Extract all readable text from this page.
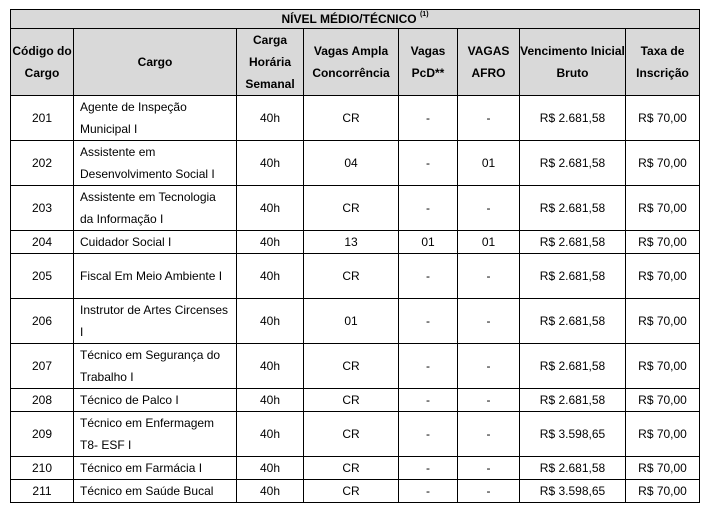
NÍVEL MÉDIO/TÉCNICO $^{(1)}$
Código do Cargo	Cargo	Carga Horária Semanal	Vagas Ampla Concorrência	Vagas PcD**	VAGAS AFRO	Vencimento Inicial Bruto	Taxa de Inscrição
201	Agente de Inspeção Municipal I	40h	CR	-	-	R$ 2.681,58	R$ 70,00
202	Assistente em Desenvolvimento Social I	40h	04	-	01	R$ 2.681,58	R$ 70,00
203	Assistente em Tecnologia da Informação I	40h	CR	-	-	R$ 2.681,58	R$ 70,00
204	Cuidador Social I	40h	13	01	01	R$ 2.681,58	R$ 70,00
205	Fiscal Em Meio Ambiente I	40h	CR	-	-	R$ 2.681,58	R$ 70,00
206	Instrutor de Artes Circenses I	40h	01	-	-	R$ 2.681,58	R$ 70,00
207	Técnico em Segurança do Trabalho I	40h	CR	-	-	R$ 2.681,58	R$ 70,00
208	Técnico de Palco I	40h	CR	-	-	R$ 2.681,58	R$ 70,00
209	Técnico em Enfermagem T8- ESF I	40h	CR	-	-	R$ 3.598,65	R$ 70,00
210	Técnico em Farmácia I	40h	CR	-	-	R$ 2.681,58	R$ 70,00
211	Técnico em Saúde Bucal	40h	CR	-	-	R$ 3.598,65	R$ 70,00
